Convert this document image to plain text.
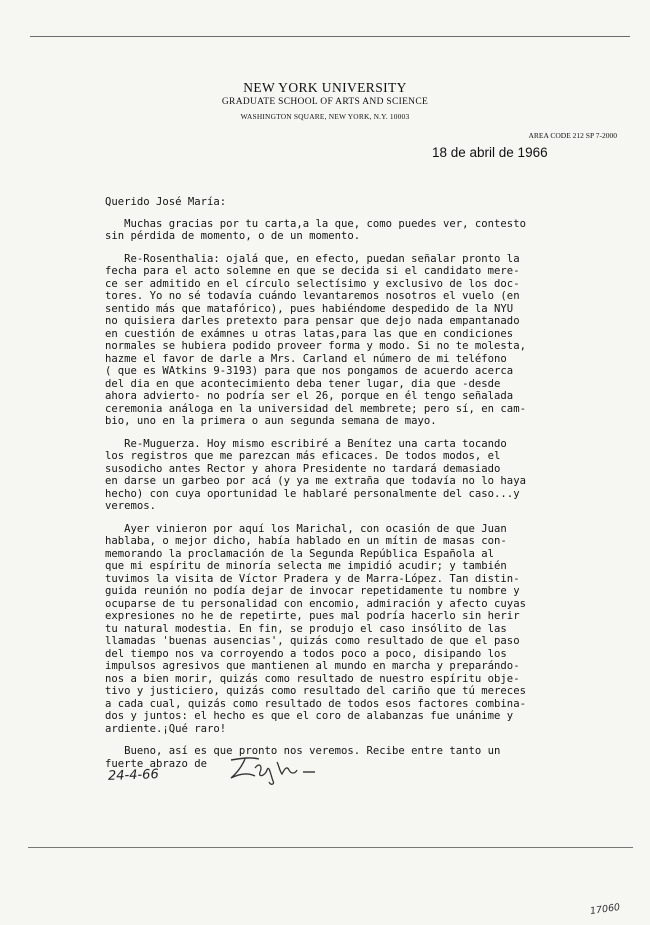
NEW YORK UNIVERSITY
GRADUATE SCHOOL OF ARTS AND SCIENCE
WASHINGTON SQUARE, NEW YORK, N.Y. 10003
AREA CODE 212 SP 7-2000
18 de abril de 1966
Querido José María:
Muchas gracias por tu carta,a la que, como puedes ver, contesto
sin pérdida de momento, o de un momento.
Re-Rosenthalia: ojalá que, en efecto, puedan señalar pronto la
fecha para el acto solemne en que se decida si el candidato mere-
ce ser admitido en el círculo selectísimo y exclusivo de los doc-
tores. Yo no sé todavía cuándo levantaremos nosotros el vuelo (en
sentido más que matafórico), pues habiéndome despedido de la NYU
no quisiera darles pretexto para pensar que dejo nada empantanado
en cuestión de exámnes u otras latas,para las que en condiciones
normales se hubiera podido proveer forma y modo. Si no te molesta,
hazme el favor de darle a Mrs. Carland el número de mi teléfono
( que es WAtkins 9-3193) para que nos pongamos de acuerdo acerca
del dia en que acontecimiento deba tener lugar, dia que -desde
ahora advierto- no podría ser el 26, porque en él tengo señalada
ceremonia análoga en la universidad del membrete; pero sí, en cam-
bio, uno en la primera o aun segunda semana de mayo.
Re-Muguerza. Hoy mismo escribiré a Benítez una carta tocando
los registros que me parezcan más eficaces. De todos modos, el
susodicho antes Rector y ahora Presidente no tardará demasiado
en darse un garbeo por acá (y ya me extraña que todavía no lo haya
hecho) con cuya oportunidad le hablaré personalmente del caso...y
veremos.
Ayer vinieron por aquí los Marichal, con ocasión de que Juan
hablaba, o mejor dicho, había hablado en un mítin de masas con-
memorando la proclamación de la Segunda República Española al
que mi espíritu de minoría selecta me impidió acudir; y también
tuvimos la visita de Víctor Pradera y de Marra-López. Tan distin-
guida reunión no podía dejar de invocar repetidamente tu nombre y
ocuparse de tu personalidad con encomio, admiración y afecto cuyas
expresiones no he de repetirte, pues mal podría hacerlo sin herir
tu natural modestia. En fin, se produjo el caso insólito de las
llamadas 'buenas ausencias', quizás como resultado de que el paso
del tiempo nos va corroyendo a todos poco a poco, disipando los
impulsos agresivos que mantienen al mundo en marcha y preparándo-
nos a bien morir, quizás como resultado de nuestro espíritu obje-
tivo y justiciero, quizás como resultado del cariño que tú mereces
a cada cual, quizás como resultado de todos esos factores combina-
dos y juntos: el hecho es que el coro de alabanzas fue unánime y
ardiente.¡Qué raro!
Bueno, así es que pronto nos veremos. Recibe entre tanto un
fuerte abrazo de
24-4-66
17060
